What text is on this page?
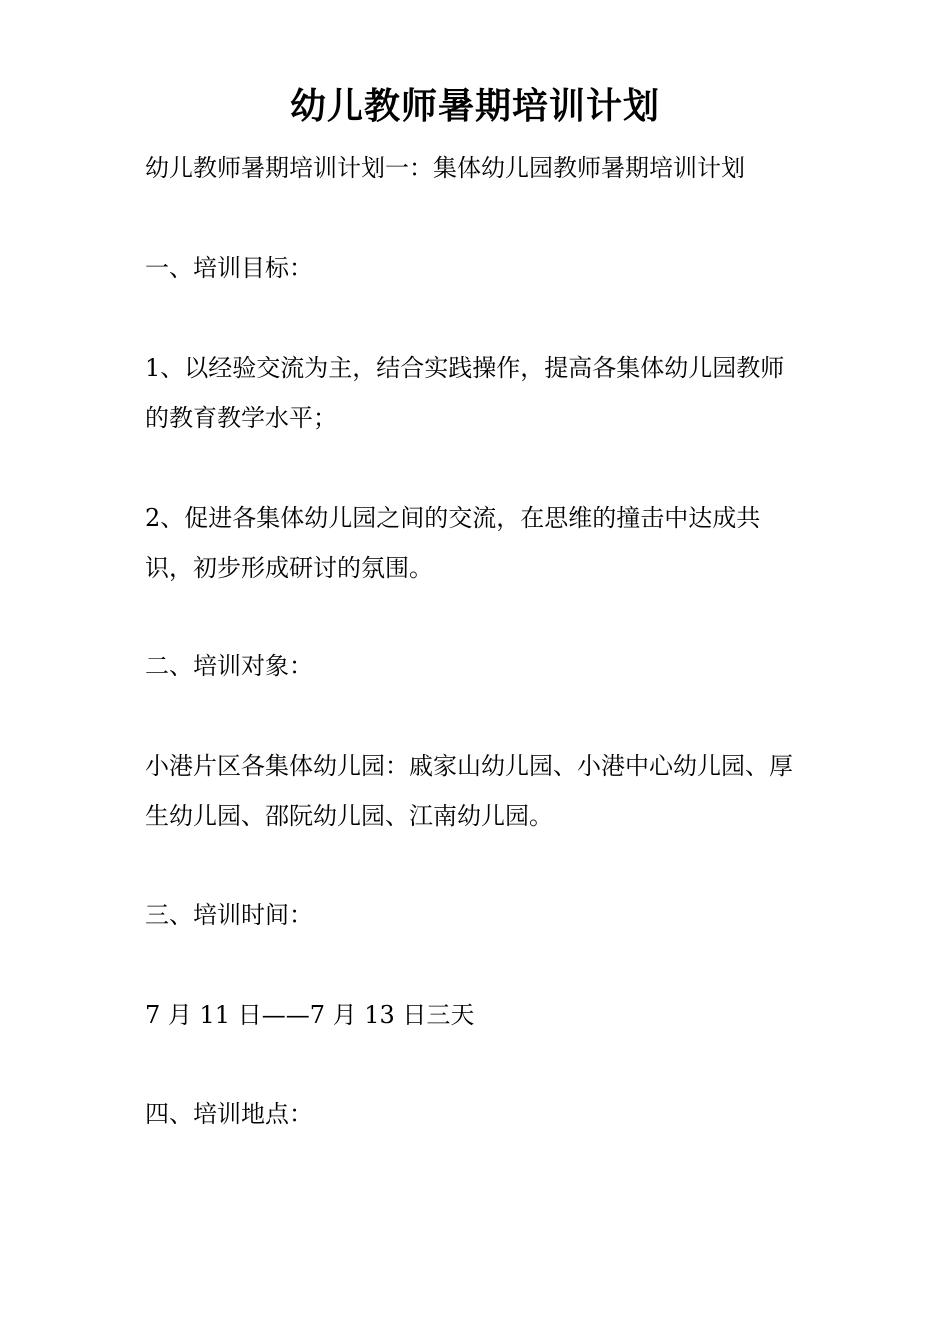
幼儿教师暑期培训计划

幼儿教师暑期培训计划一：集体幼儿园教师暑期培训计划

一、培训目标：

1、以经验交流为主，结合实践操作，提高各集体幼儿园教师的教育教学水平；

2、促进各集体幼儿园之间的交流，在思维的撞击中达成共识，初步形成研讨的氛围。

二、培训对象：

小港片区各集体幼儿园：戚家山幼儿园、小港中心幼儿园、厚生幼儿园、邵阮幼儿园、江南幼儿园。

三、培训时间：

7 月 11 日——7 月 13 日三天

四、培训地点：
